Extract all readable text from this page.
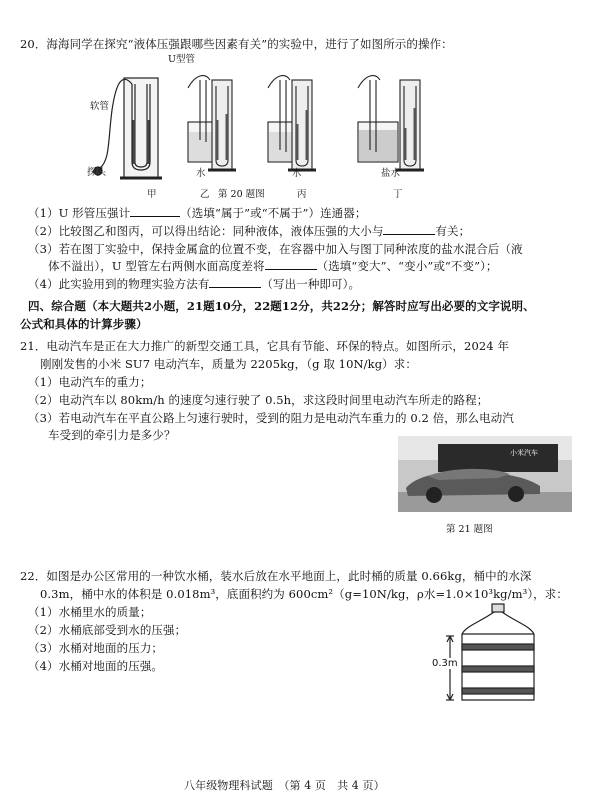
20．海海同学在探究“液体压强跟哪些因素有关”的实验中，进行了如图所示的操作：
U型管
软管
探头	水	水	盐水
甲	乙 第 20 题图	丙	丁
（1）U 形管压强计	（选填“属于”或“不属于”）连通器；
（2）比较图乙和图丙，可以得出结论：同种液体，液体压强的大小与	有关；
（3）若在图丁实验中，保持金属盒的位置不变，在容器中加入与图丁同种浓度的盐水混合后（液
体不溢出），U 型管左右两侧水面高度差将	（选填“变大”、“变小”或“不变”）；
（4）此实验用到的物理实验方法有	（写出一种即可）。
四、综合题（本大题共2小题，21题10分，22题12分，共22分；解答时应写出必要的文字说明、
公式和具体的计算步骤）
21．电动汽车是正在大力推广的新型交通工具，它具有节能、环保的特点。如图所示，2024 年
刚刚发售的小米 SU7 电动汽车，质量为 2205kg，（g 取 10N/kg）求：
（1）电动汽车的重力；
（2）电动汽车以 80km/h 的速度匀速行驶了 0.5h，求这段时间里电动汽车所走的路程；
（3）若电动汽车在平直公路上匀速行驶时，受到的阻力是电动汽车重力的 0.2 倍，那么电动汽
车受到的牵引力是多少？
小米汽车
第 21 题图
22．如图是办公区常用的一种饮水桶，装水后放在水平地面上，此时桶的质量 0.66kg，桶中的水深
0.3m，桶中水的体积是 0.018m³，底面积约为 600cm²（g=10N/kg，ρ水=1.0×10³kg/m³），求：
（1）水桶里水的质量；
（2）水桶底部受到水的压强；
（3）水桶对地面的压力；
（4）水桶对地面的压强。	0.3m
八年级物理科试题　（第 4 页　共 4 页）
